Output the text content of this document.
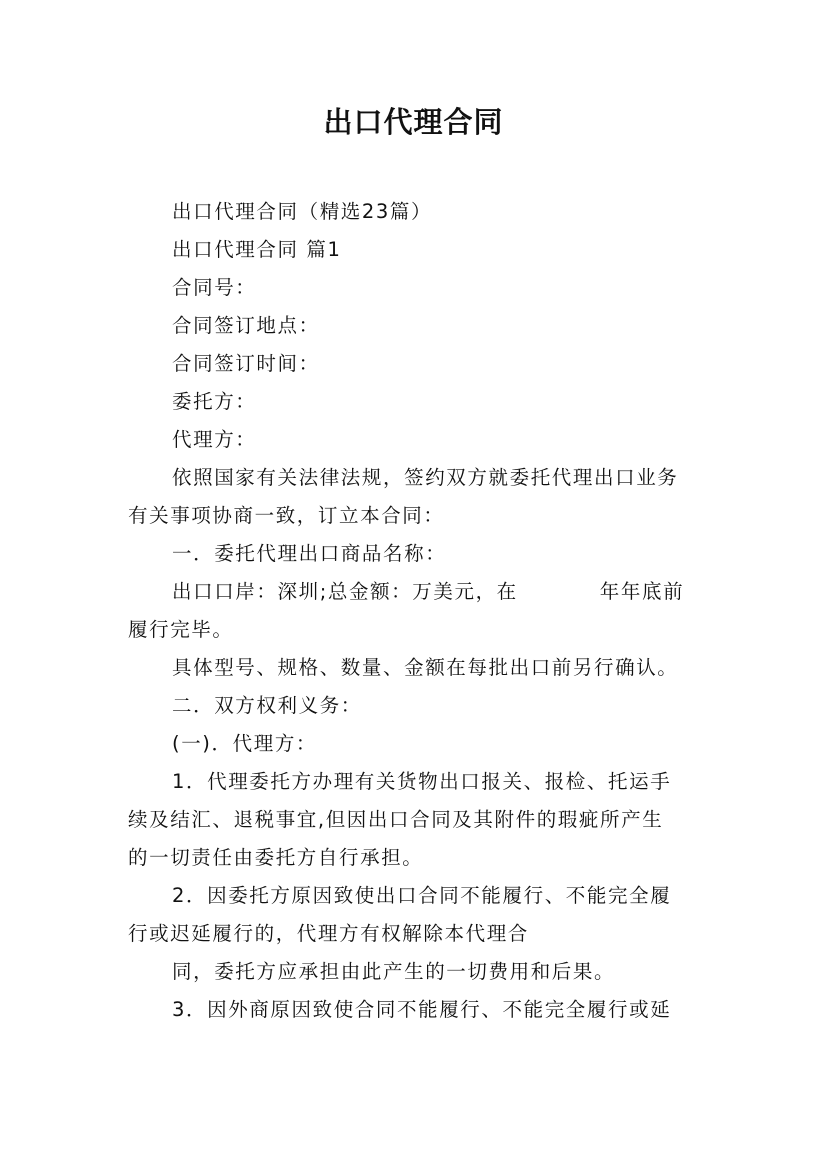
出口代理合同
出口代理合同（精选23篇）
出口代理合同 篇1
合同号：
合同签订地点：
合同签订时间：
委托方：
代理方：
依照国家有关法律法规，签约双方就委托代理出口业务
有关事项协商一致，订立本合同：
一．委托代理出口商品名称：
出口口岸：深圳;总金额：万美元，在	年年底前
履行完毕。
具体型号、规格、数量、金额在每批出口前另行确认。
二．双方权利义务：
(一)．代理方：
1．代理委托方办理有关货物出口报关、报检、托运手
续及结汇、退税事宜,但因出口合同及其附件的瑕疵所产生
的一切责任由委托方自行承担。
2．因委托方原因致使出口合同不能履行、不能完全履
行或迟延履行的，代理方有权解除本代理合
同，委托方应承担由此产生的一切费用和后果。
3．因外商原因致使合同不能履行、不能完全履行或延
